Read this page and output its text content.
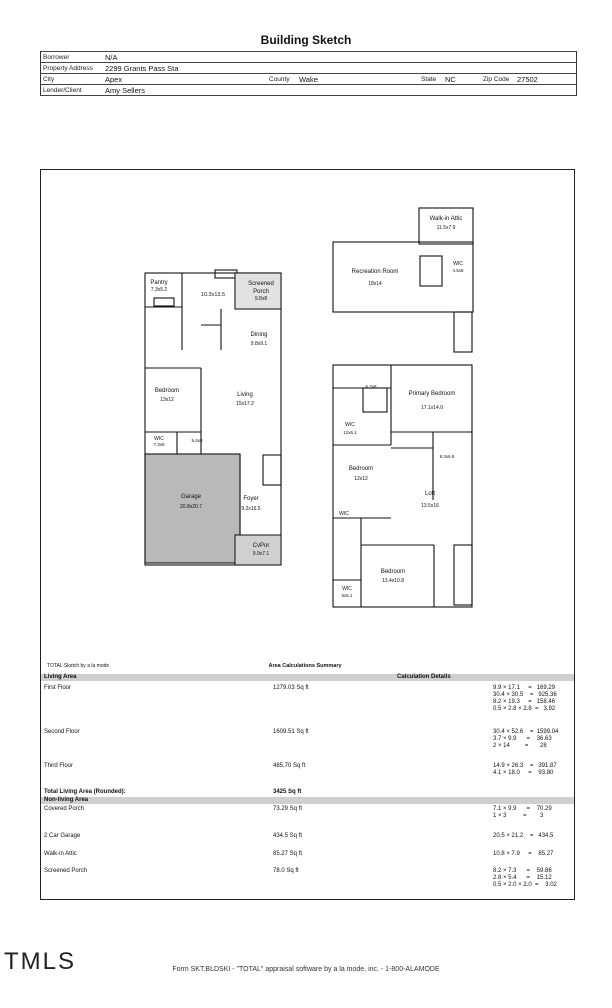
Building Sketch
Borrower	N/A						
Property Address	2299 Grants Pass Sta						
City	Apex	County	Wake	State	NC	Zip Code	27502
Lender/Client	Amy Sellers						
Pantry
7.3x5.2
10.3x13.5
Screened
Porch
9.8x8
Dining
9.8x9.1
Bedroom
13x12
Living
15x17.2
WIC
7.3x5
5.4x8
Garage
20.8x20.7
Foyer
9.2x16.5
CvPor
9.9x7.1
Recreation Room
18x14
Walk-in Attic
11.5x7.9
WIC
4.5x6
Primary Bedroom
17.1x14.0
6.2x8
WIC
12x6.1
9.3x6.9
Bedroom
12x12
Loft
13.5x16
WIC
Bedroom
13.4x10.8
WIC
6x5.1
TOTAL Sketch by a la mode	Area Calculations Summary
Living Area	Calculation Details
First Floor	1279.03 Sq ft	9.9 × 17.1     =   169.29
30.4 × 30.5    =   925.36
8.2 × 19.3     =   158.46
0.5 × 2.8 × 2.8  =   3.92
Second Floor	1609.51 Sq ft	30.4 × 52.6    =  1599.04
3.7 × 9.9      =    36.63
2 × 14         =       28
Third Floor	485.70 Sq ft	14.9 × 26.3    =   391.87
4.1 × 18.0     =    93.80
Total Living Area (Rounded):	3425 Sq ft
Non-living Area
Covered Porch	73.29 Sq ft	7.1 × 9.9      =    70.29
1 × 3          =        3
2 Car Garage	434.5 Sq ft	20.5 × 21.2    =   434.5
Walk-in Attic	85.27 Sq ft	10.8 × 7.9     =    85.27
Screened Porch	78.0 Sq ft	8.2 × 7.3      =    59.86
2.8 × 5.4      =    15.12
0.5 × 2.0 × 2.0  =    3.02
TMLS	Form SKT.BLDSKI - "TOTAL" appraisal software by a la mode, inc. - 1-800-ALAMODE
